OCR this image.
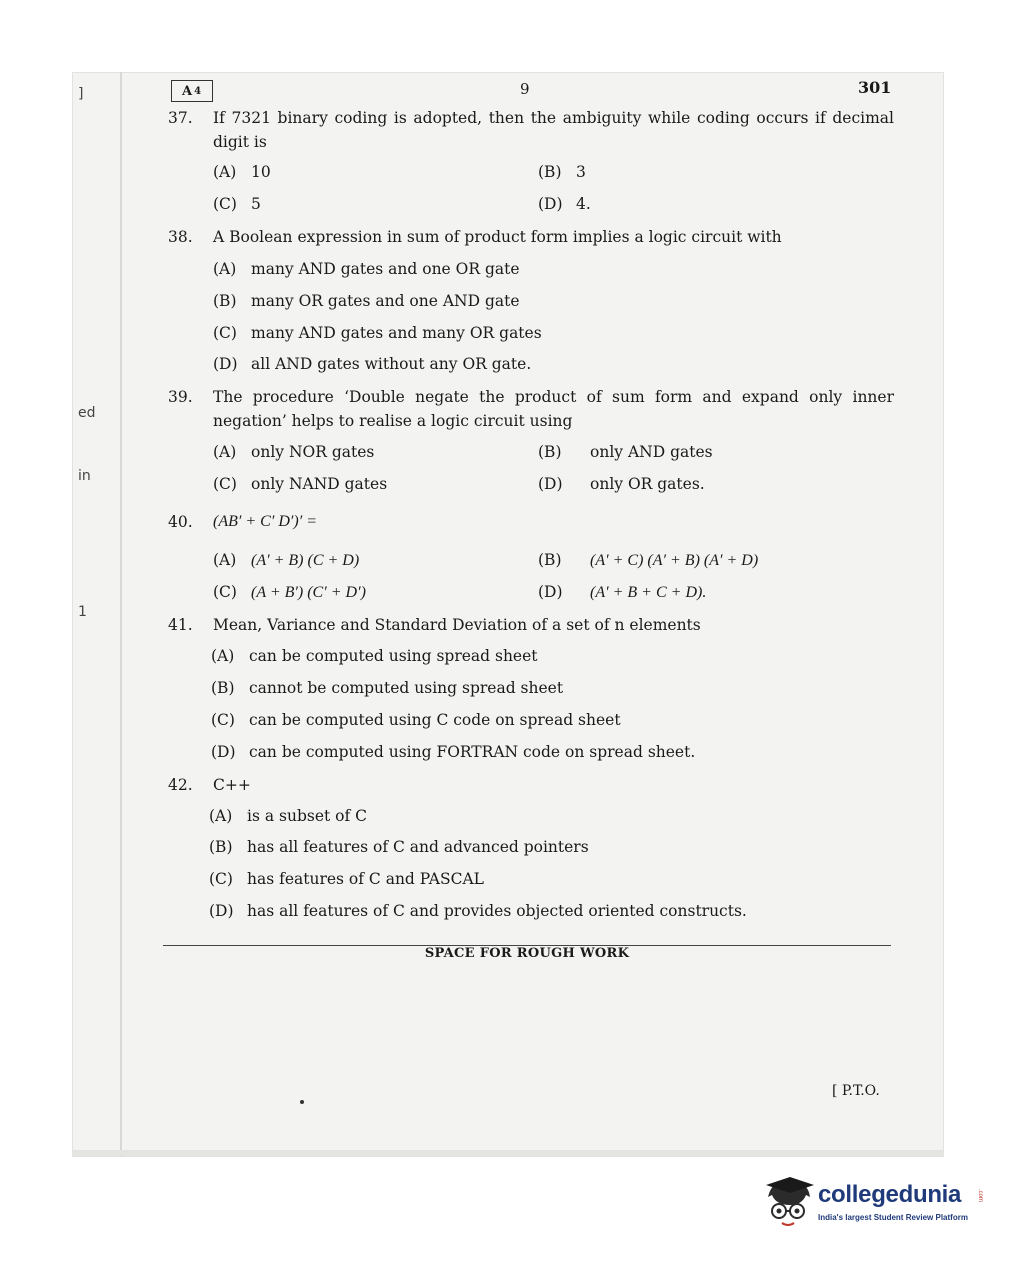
]
ed
in
1
A 4	9	301
37.	If 7321 binary coding is adopted, then the ambiguity while coding occurs if decimal digit is
(A) 10	(B) 3
(C) 5	(D) 4.
38.	A Boolean expression in sum of product form implies a logic circuit with
(A) many AND gates and one OR gate
(B) many OR gates and one AND gate
(C) many AND gates and many OR gates
(D) all AND gates without any OR gate.
39.	The procedure ‘Double negate the product of sum form and expand only inner negation’ helps to realise a logic circuit using
(A) only NOR gates	(B) only AND gates
(C) only NAND gates	(D) only OR gates.
40.	(AB′ + C′ D′)′ =
(A) (A′ + B) (C + D)	(B) (A′ + C) (A′ + B) (A′ + D)
(C) (A + B′) (C′ + D′)	(D) (A′ + B + C + D).
41.	Mean, Variance and Standard Deviation of a set of n elements
(A) can be computed using spread sheet
(B) cannot be computed using spread sheet
(C) can be computed using C code on spread sheet
(D) can be computed using FORTRAN code on spread sheet.
42.	C++
(A) is a subset of C
(B) has all features of C and advanced pointers
(C) has features of C and PASCAL
(D) has all features of C and provides objected oriented constructs.
SPACE FOR ROUGH WORK
[ P.T.O.
collegedunia	.com
India's largest Student Review Platform
